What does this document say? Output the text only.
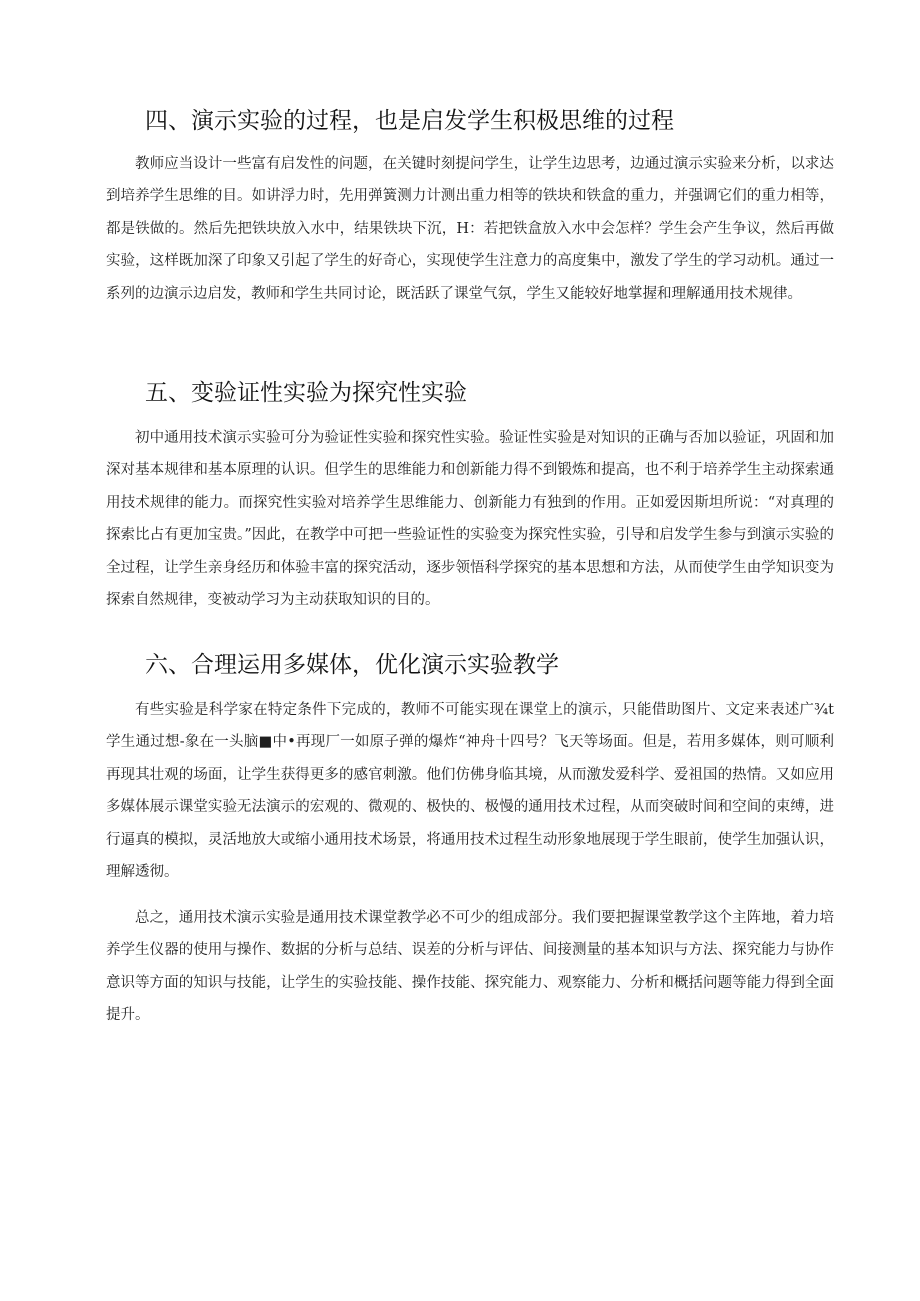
四、演示实验的过程，也是启发学生积极思维的过程

教师应当设计一些富有启发性的问题，在关键时刻提问学生，让学生边思考，边通过演示实验来分析，以求达到培养学生思维的目。如讲浮力时，先用弹簧测力计测出重力相等的铁块和铁盒的重力，并强调它们的重力相等，都是铁做的。然后先把铁块放入水中，结果铁块下沉，H：若把铁盒放入水中会怎样？学生会产生争议，然后再做实验，这样既加深了印象又引起了学生的好奇心，实现使学生注意力的高度集中，激发了学生的学习动机。通过一系列的边演示边启发，教师和学生共同讨论，既活跃了课堂气氛，学生又能较好地掌握和理解通用技术规律。

五、变验证性实验为探究性实验

初中通用技术演示实验可分为验证性实验和探究性实验。验证性实验是对知识的正确与否加以验证，巩固和加深对基本规律和基本原理的认识。但学生的思维能力和创新能力得不到锻炼和提高，也不利于培养学生主动探索通用技术规律的能力。而探究性实验对培养学生思维能力、创新能力有独到的作用。正如爱因斯坦所说：“对真理的探索比占有更加宝贵。”因此，在教学中可把一些验证性的实验变为探究性实验，引导和启发学生参与到演示实验的全过程，让学生亲身经历和体验丰富的探究活动，逐步领悟科学探究的基本思想和方法，从而使学生由学知识变为探索自然规律，变被动学习为主动获取知识的目的。

六、合理运用多媒体，优化演示实验教学

有些实验是科学家在特定条件下完成的，教师不可能实现在课堂上的演示，只能借助图片、文定来表述广¾t学生通过想-象在一头脑■中•再现厂一如原子弹的爆炸“神舟十四号？飞天等场面。但是，若用多媒体，则可顺利再现其壮观的场面，让学生获得更多的感官刺激。他们仿佛身临其境，从而激发爱科学、爱祖国的热情。又如应用多媒体展示课堂实验无法演示的宏观的、微观的、极快的、极慢的通用技术过程，从而突破时间和空间的束缚，进行逼真的模拟，灵活地放大或缩小通用技术场景，将通用技术过程生动形象地展现于学生眼前，使学生加强认识，理解透彻。

总之，通用技术演示实验是通用技术课堂教学必不可少的组成部分。我们要把握课堂教学这个主阵地，着力培养学生仪器的使用与操作、数据的分析与总结、误差的分析与评估、间接测量的基本知识与方法、探究能力与协作意识等方面的知识与技能，让学生的实验技能、操作技能、探究能力、观察能力、分析和概括问题等能力得到全面提升。
